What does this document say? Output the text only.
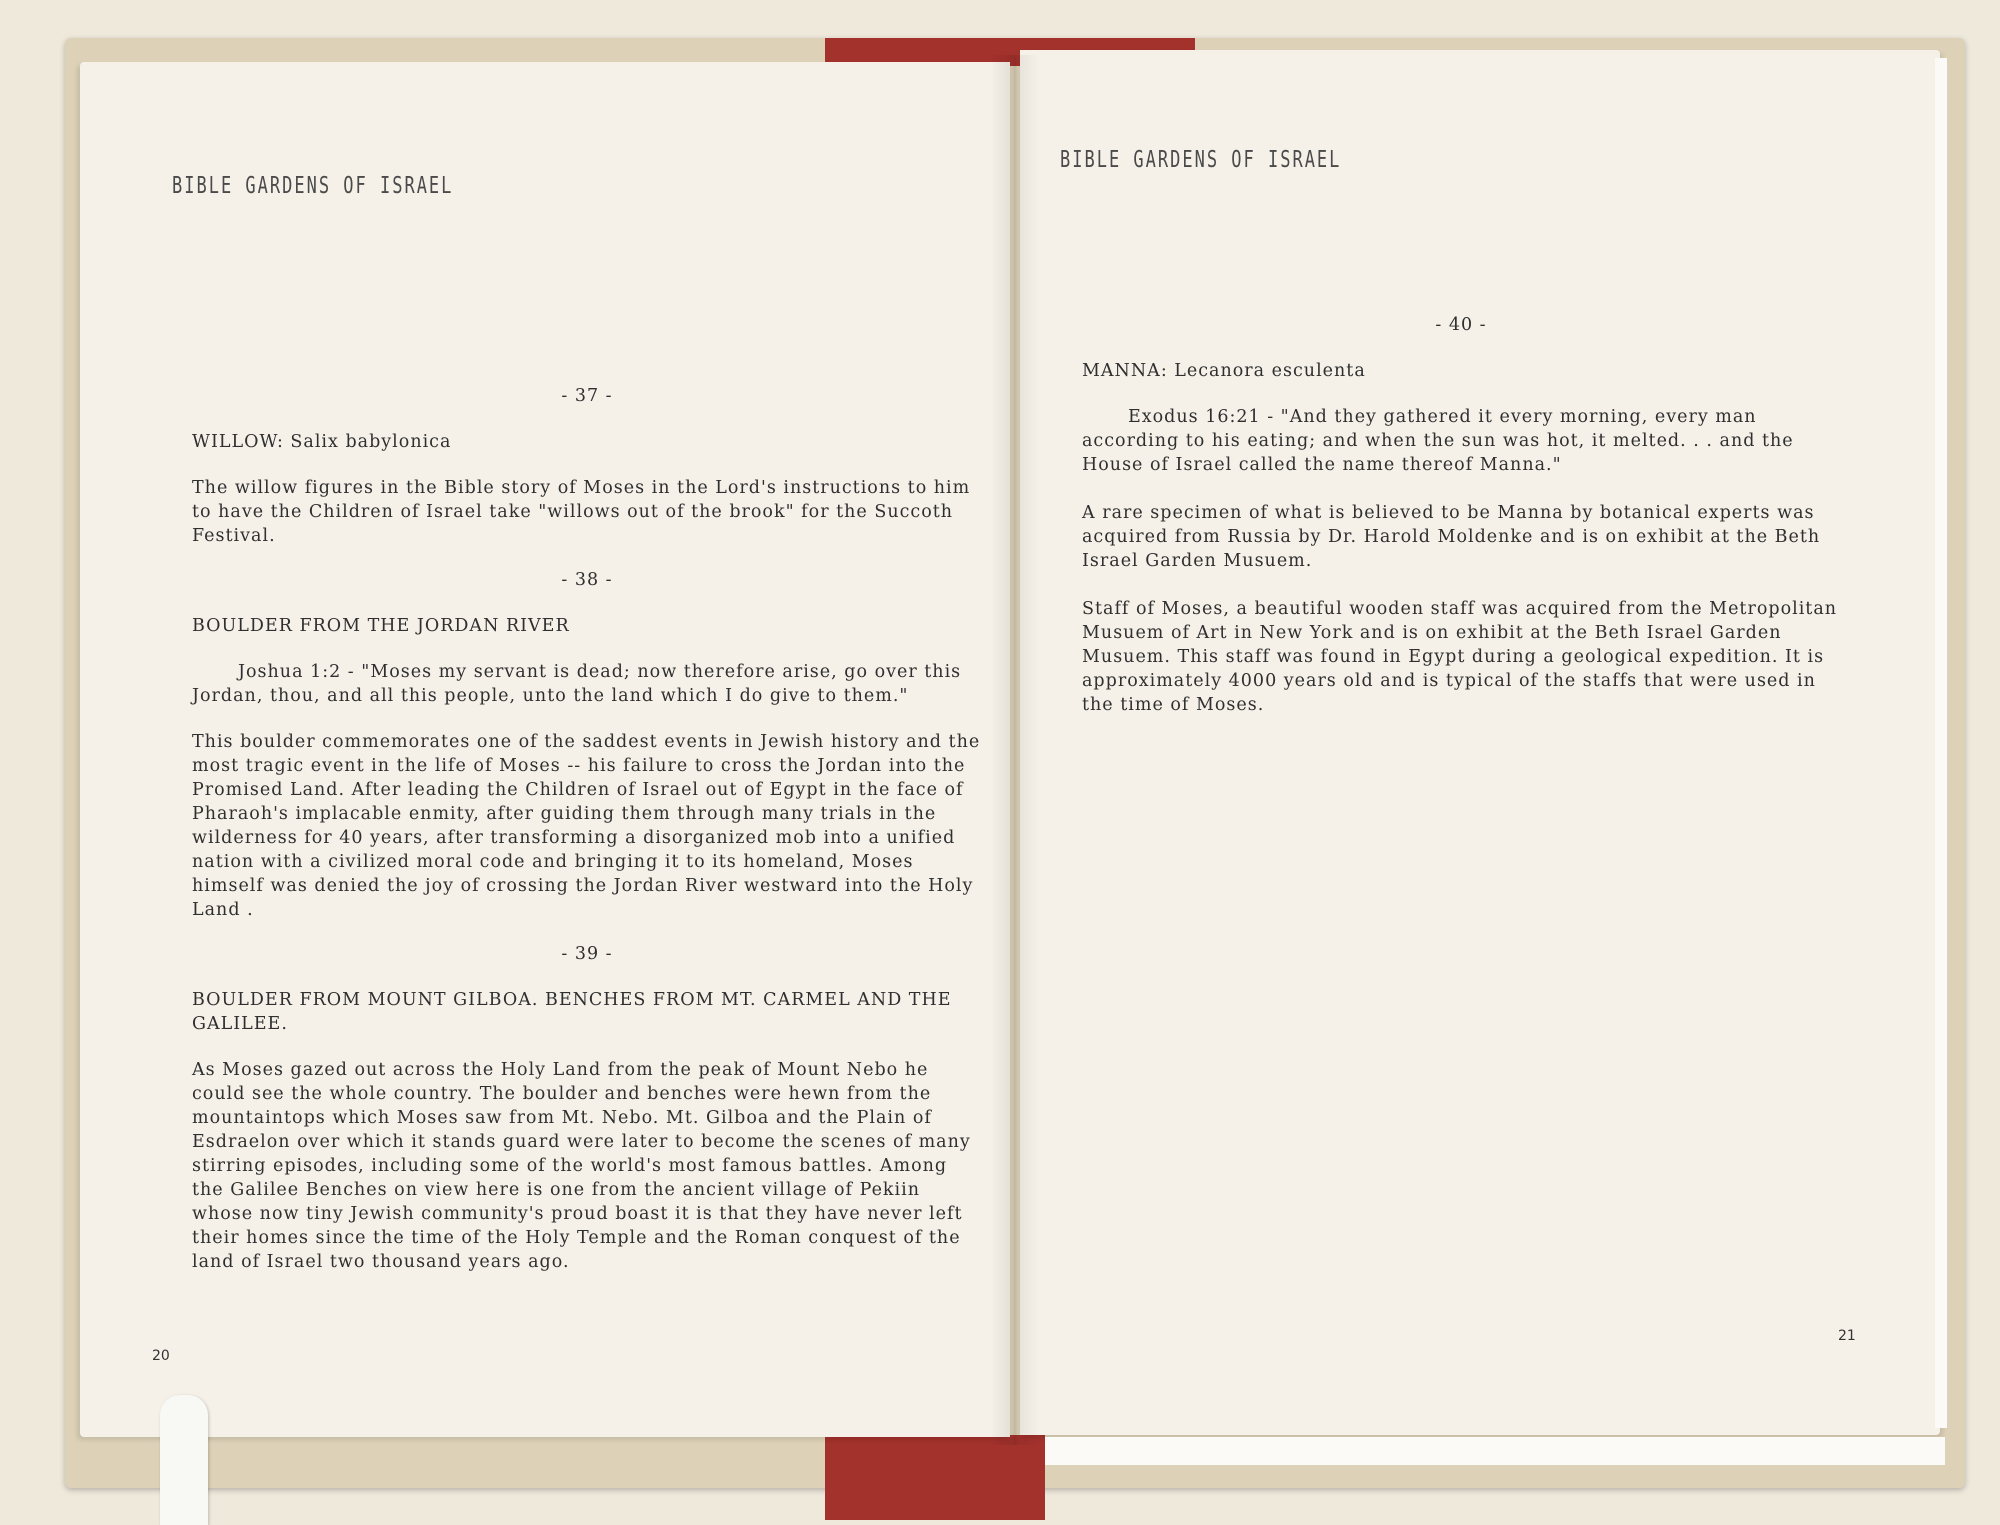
BIBLE GARDENS OF ISRAEL

- 37 -

WILLOW: Salix babylonica

The willow figures in the Bible story of Moses in the Lord's instructions to him to have the Children of Israel take "willows out of the brook" for the Succoth Festival.

- 38 -

BOULDER FROM THE JORDAN RIVER

Joshua 1:2 - "Moses my servant is dead; now therefore arise, go over this Jordan, thou, and all this people, unto the land which I do give to them."

This boulder commemorates one of the saddest events in Jewish history and the most tragic event in the life of Moses -- his failure to cross the Jordan into the Promised Land. After leading the Children of Israel out of Egypt in the face of Pharaoh's implacable enmity, after guiding them through many trials in the wilderness for 40 years, after transforming a disorganized mob into a unified nation with a civilized moral code and bringing it to its homeland, Moses himself was denied the joy of crossing the Jordan River westward into the Holy Land .

- 39 -

BOULDER FROM MOUNT GILBOA. BENCHES FROM MT. CARMEL AND THE GALILEE.

As Moses gazed out across the Holy Land from the peak of Mount Nebo he could see the whole country. The boulder and benches were hewn from the mountaintops which Moses saw from Mt. Nebo. Mt. Gilboa and the Plain of Esdraelon over which it stands guard were later to become the scenes of many stirring episodes, including some of the world's most famous battles. Among the Galilee Benches on view here is one from the ancient village of Pekiin whose now tiny Jewish community's proud boast it is that they have never left their homes since the time of the Holy Temple and the Roman conquest of the land of Israel two thousand years ago.

20
BIBLE GARDENS OF ISRAEL

- 40 -

MANNA: Lecanora esculenta

Exodus 16:21 - "And they gathered it every morning, every man according to his eating; and when the sun was hot, it melted. . . and the House of Israel called the name thereof Manna."

A rare specimen of what is believed to be Manna by botanical experts was acquired from Russia by Dr. Harold Moldenke and is on exhibit at the Beth Israel Garden Musuem.

Staff of Moses, a beautiful wooden staff was acquired from the Metropolitan Musuem of Art in New York and is on exhibit at the Beth Israel Garden Musuem. This staff was found in Egypt during a geological expedition. It is approximately 4000 years old and is typical of the staffs that were used in the time of Moses.

21
